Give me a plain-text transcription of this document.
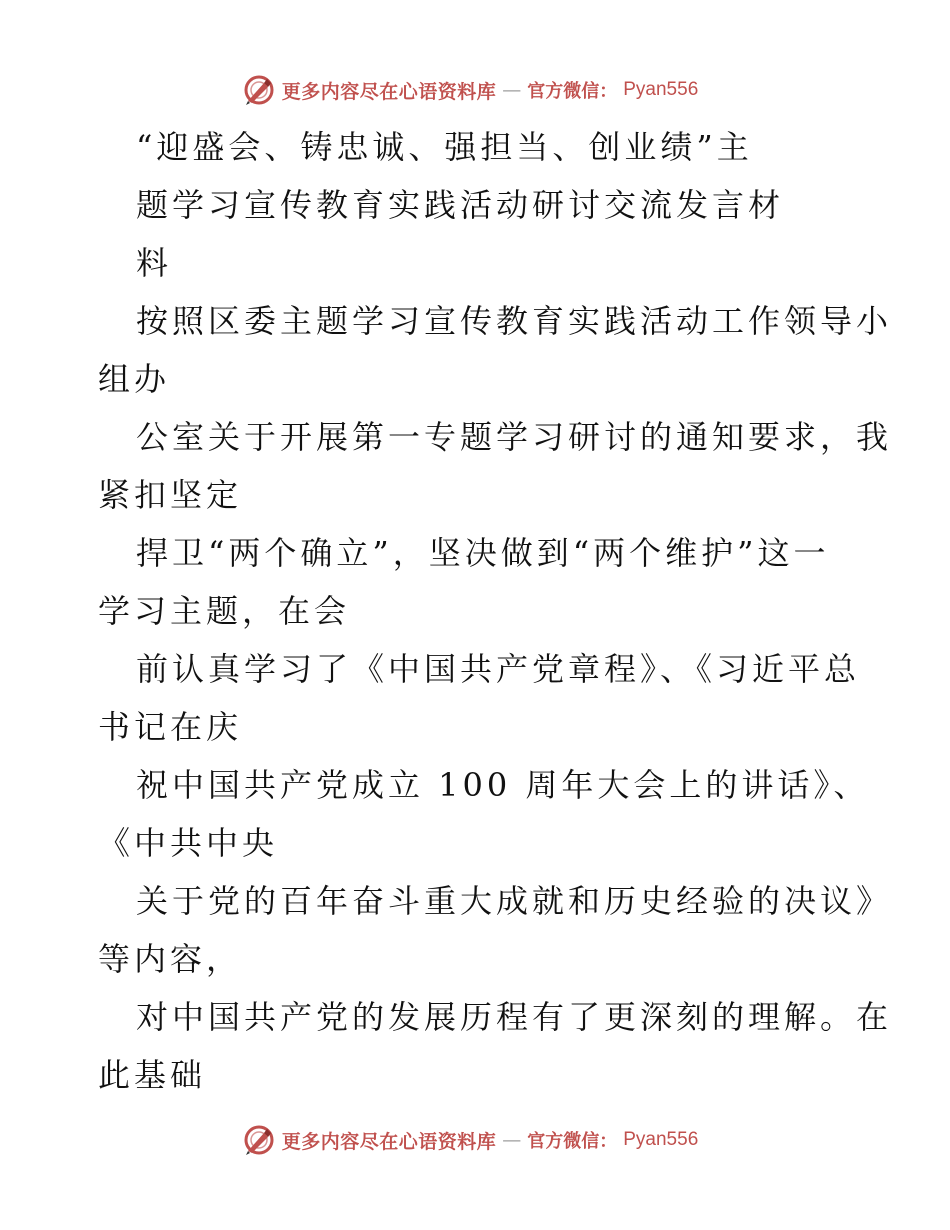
更多内容尽在心语资料库 — 官方微信： Pyan556
“迎盛会、铸忠诚、强担当、创业绩”主
题学习宣传教育实践活动研讨交流发言材
料
按照区委主题学习宣传教育实践活动工作领导小
组办
公室关于开展第一专题学习研讨的通知要求，我
紧扣坚定
捍卫“两个确立”，坚决做到“两个维护”这一
学习主题，在会
前认真学习了《中国共产党章程》、《习近平总
书记在庆
祝中国共产党成立 100 周年大会上的讲话》、
《中共中央
关于党的百年奋斗重大成就和历史经验的决议》
等内容，
对中国共产党的发展历程有了更深刻的理解。在
此基础
更多内容尽在心语资料库 — 官方微信： Pyan556
